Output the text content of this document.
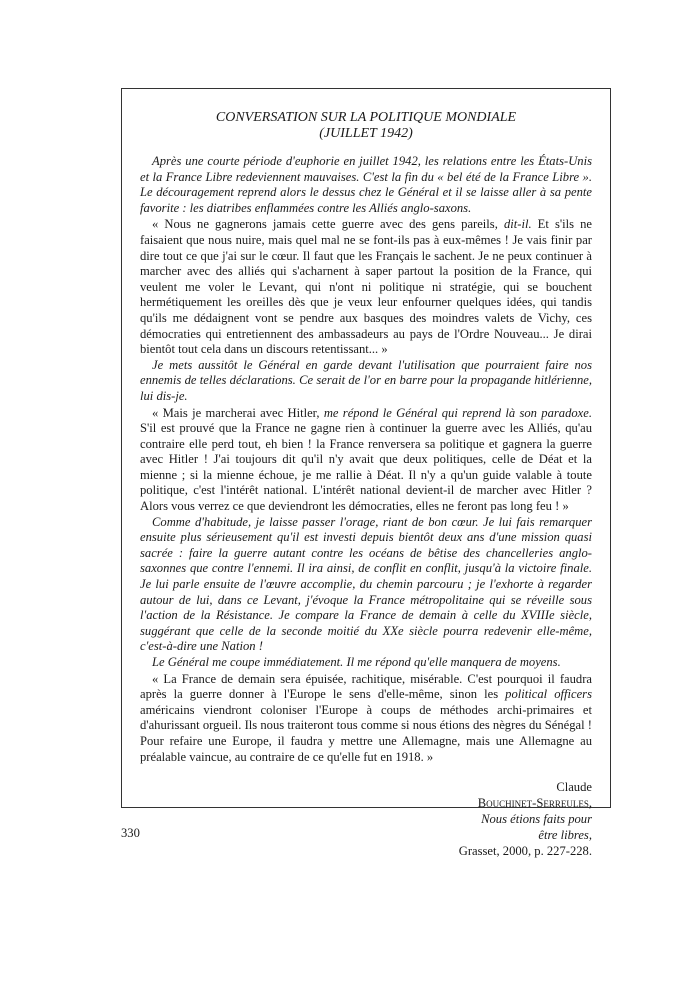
CONVERSATION SUR LA POLITIQUE MONDIALE
(JUILLET 1942)

Après une courte période d'euphorie en juillet 1942, les relations entre les États-Unis et la France Libre redeviennent mauvaises. C'est la fin du « bel été de la France Libre ». Le découragement reprend alors le dessus chez le Général et il se laisse aller à sa pente favorite : les diatribes enflammées contre les Alliés anglo-saxons.

« Nous ne gagnerons jamais cette guerre avec des gens pareils, dit-il. Et s'ils ne faisaient que nous nuire, mais quel mal ne se font-ils pas à eux-mêmes ! Je vais finir par dire tout ce que j'ai sur le cœur. Il faut que les Français le sachent. Je ne peux continuer à marcher avec des alliés qui s'acharnent à saper partout la position de la France, qui veulent me voler le Levant, qui n'ont ni politique ni stratégie, qui se bouchent hermétiquement les oreilles dès que je veux leur enfourner quelques idées, qui tandis qu'ils me dédaignent vont se pendre aux basques des moindres valets de Vichy, ces démocraties qui entretiennent des ambassadeurs au pays de l'Ordre Nouveau... Je dirai bientôt tout cela dans un discours retentissant... »

Je mets aussitôt le Général en garde devant l'utilisation que pourraient faire nos ennemis de telles déclarations. Ce serait de l'or en barre pour la propagande hitlérienne, lui dis-je.

« Mais je marcherai avec Hitler, me répond le Général qui reprend là son paradoxe. S'il est prouvé que la France ne gagne rien à continuer la guerre avec les Alliés, qu'au contraire elle perd tout, eh bien ! la France renversera sa politique et gagnera la guerre avec Hitler ! J'ai toujours dit qu'il n'y avait que deux politiques, celle de Déat et la mienne ; si la mienne échoue, je me rallie à Déat. Il n'y a qu'un guide valable à toute politique, c'est l'intérêt national. L'intérêt national devient-il de marcher avec Hitler ? Alors vous verrez ce que deviendront les démocraties, elles ne feront pas long feu ! »

Comme d'habitude, je laisse passer l'orage, riant de bon cœur. Je lui fais remarquer ensuite plus sérieusement qu'il est investi depuis bientôt deux ans d'une mission quasi sacrée : faire la guerre autant contre les océans de bêtise des chancelleries anglo-saxonnes que contre l'ennemi. Il ira ainsi, de conflit en conflit, jusqu'à la victoire finale. Je lui parle ensuite de l'œuvre accomplie, du chemin parcouru ; je l'exhorte à regarder autour de lui, dans ce Levant, j'évoque la France métropolitaine qui se réveille sous l'action de la Résistance. Je compare la France de demain à celle du XVIIIe siècle, suggérant que celle de la seconde moitié du XXe siècle pourra redevenir elle-même, c'est-à-dire une Nation !

Le Général me coupe immédiatement. Il me répond qu'elle manquera de moyens.

« La France de demain sera épuisée, rachitique, misérable. C'est pourquoi il faudra après la guerre donner à l'Europe le sens d'elle-même, sinon les political officers américains viendront coloniser l'Europe à coups de méthodes archi-primaires et d'ahurissant orgueil. Ils nous traiteront tous comme si nous étions des nègres du Sénégal ! Pour refaire une Europe, il faudra y mettre une Allemagne, mais une Allemagne au préalable vaincue, au contraire de ce qu'elle fut en 1918. »

Claude
Bouchinet-Serreules,
Nous étions faits pour
être libres,
Grasset, 2000, p. 227-228.
330
